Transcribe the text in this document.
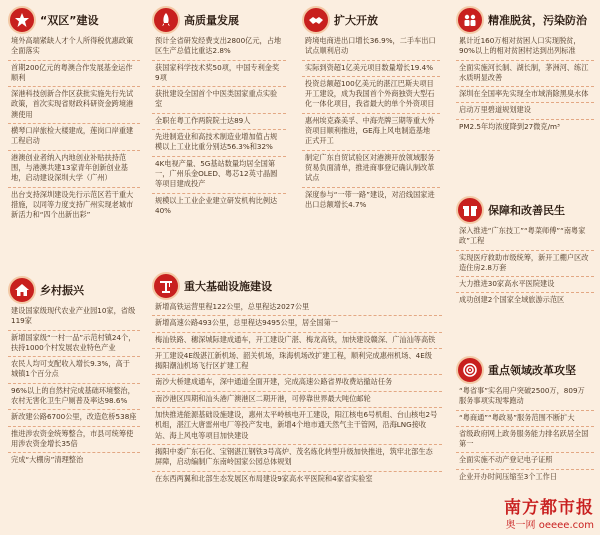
“双区”建设
境外高端紧缺人才个人所得税优惠政策全面落实
首期200亿元的粤澳合作发展基金运作顺利
深港科技创新合作区获批实施先行先试政策，首次实现省财政科研资金跨境港澳使用
横琴口岸旅检大楼建成，莲岗口岸重建工程启动
港澳创业者纳入内地创业补贴扶持范围，与港澳共建13家青年创新创业基地，启动建设深圳大学（广州）
出台支持深圳建设先行示范区若干重大措施，以同等力度支持广州实现老城市新活力和“四个出新出彩”
乡村振兴
建设国家级现代农业产业园10家，省级119家
新增国家级“一村一品”示范村镇24个，扶持1000个村发展农业特色产业
农民人均可支配收入增长9.3%，高于城镇1个百分点
96%以上的自然村完成基础环境整治，农村无害化卫生户厕普及率达98.6%
新改建公路6700公里，改造危桥538座
推进涉农资金统筹整合，市县可统筹使用涉农资金增长35倍
完成“大棚房”清理整治
高质量发展
预计全省研发经费支出2800亿元，占地区生产总值比重达2.8%
获国家科学技术奖50项，中国专利金奖9项
获批建设全国首个中医类国家重点实验室
全职在粤工作两院院士达89人
先进制造业和高技术制造业增加值占规模以上工业比重分别达56.3%和32%
4K电视产量、5G基站数量均居全国第一，广州乐金OLED、粤芯12英寸晶圆等项目建成投产
规模以上工业企业建立研发机构比例达40%
扩大开放
跨境电商进出口增长36.9%，二手车出口试点顺利启动
实际到资超1亿美元项目数量增长19.4%
投资总额超100亿美元的湛江巴斯夫项目开工建设，成为我国首个外商独资大型石化一体化项目，我省最大的单个外资项目
惠州埃克森美孚、中海壳牌三期等重大外资项目顺利推进，GE海上风电制造基地正式开工
制定广东自贸试验区对港澳开放领域服务贸易负面清单，推进商事登记确认制改革试点
深度参与“一带一路”建设，对沿线国家进出口总额增长4.7%
精准脱贫，污染防治
累计近160万相对贫困人口实现脱贫，90%以上的相对贫困村达到出列标准
全面实施河长制、湖长制，茅洲河、练江水质明显改善
深圳在全国率先实现全市域消除黑臭水体
启动万里碧道规划建设
PM2.5年均浓度降到27微克/m³
保障和改善民生
深入推进“广东技工”“粤菜师傅”“南粤家政”工程
实现医疗救助市级统筹，新开工棚户区改造住房2.8万套
大力推进30家高水平医院建设
成功创建2个国家全域旅游示范区
重大基础设施建设
新增高铁运营里程122公里，总里程达2027公里
新增高速公路493公里，总里程达9495公里，居全国第一
梅汕铁路、穗深城际建成通车，开工建设广湛、梅龙高铁，加快建设赣深、广汕汕等高铁
开工建设4E级湛江新机场、韶关机场，珠海机场改扩建工程，顺利完成惠州机场、4E级揭阳潮汕机场飞行区扩建工程
南沙大桥建成通车，深中通道全面开建，完成高速公路省界收费站撤站任务
南沙港区四期和汕头港广澳港区二期开港，可停靠世界最大吨位邮轮
加快推进能源基础设施建设，惠州太平岭核电开工建设，阳江核电6号机组、台山核电2号机组，湛江大唐雷州电厂等投产发电，新增4个地市通天然气主干管网，沿海LNG接收站、海上风电等项目加快建设
揭阳中委广东石化、宝钢湛江钢铁3号高炉、茂名炼化转型升级加快推进，筑牢北部生态屏障，启动编制广东南岭国家公园总体规划
在东西两翼和北部生态发展区布局建设9家高水平医院和4家省实验室
重点领域改革攻坚
“粤省事”实名用户突破2500万，809万服务事项实现零跑动
“粤商通”“粤政易”服务范围不断扩大
省级政府网上政务服务能力排名跃居全国第一
全面实施不动产登记电子证照
企业开办时间压缩至3个工作日
南方都市报
奥一网 oeeee.com
